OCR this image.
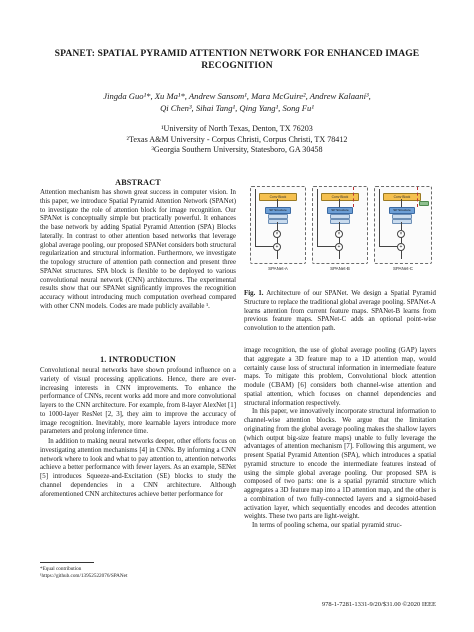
SPANET: SPATIAL PYRAMID ATTENTION NETWORK FOR ENHANCED IMAGE RECOGNITION
Jingda Guo¹*, Xu Ma¹*, Andrew Sansom¹, Mara McGuire², Andrew Kalaani³,
Qi Chen³, Sihai Tang¹, Qing Yang¹, Song Fu¹
¹University of North Texas, Denton, TX 76203
²Texas A&M University - Corpus Christi, Corpus Christi, TX 78412
³Georgia Southern University, Statesboro, GA 30458
ABSTRACT

Attention mechanism has shown great success in computer vision. In this paper, we introduce Spatial Pyramid Attention Network (SPANet) to investigate the role of attention block for image recognition. Our SPANet is conceptually simple but practically powerful. It enhances the base network by adding Spatial Pyramid Attention (SPA) Blocks laterally. In contrast to other attention based networks that leverage global average pooling, our proposed SPANet considers both structural regularization and structural information. Furthermore, we investigate the topology structure of attention path connection and present three SPANet structures. SPA block is flexible to be deployed to various convolutional neural network (CNN) architectures. The experimental results show that our SPANet significantly improves the recognition accuracy without introducing much computation overhead compared with other CNN models. Codes are made publicly available ¹.

1. INTRODUCTION

Convolutional neural networks have shown profound influence on a variety of visual processing applications. Hence, there are ever-increasing interests in CNN improvements. To enhance the performance of CNNs, recent works add more and more convolutional layers to the CNN architecture. For example, from 8-layer AlexNet [1] to 1000-layer ResNet [2, 3], they aim to improve the accuracy of image recognition. Inevitably, more learnable layers introduce more parameters and prolong inference time.

In addition to making neural networks deeper, other efforts focus on investigating attention mechanisms [4] in CNNs. By informing a CNN network where to look and what to pay attention to, attention networks achieve a better performance with fewer layers. As an example, SENet [5] introduces Squeeze-and-Excitation (SE) blocks to study the channel dependencies in a CNN architecture. Although aforementioned CNN architectures achieve better performance for

*Equal contribution
¹https://github.com/13952522076/SPANet
Conv Block
SP Structure
×
+
SPANet-A
Conv Block
SP Structure
×
+
SPANet-B
Conv Block
SP Structure
×
+
SPANet-C
Fig. 1. Architecture of our SPANet. We design a Spatial Pyramid Structure to replace the traditional global average pooling. SPANet-A learns attention from current feature maps. SPANet-B learns from previous feature maps. SPANet-C adds an optional point-wise convolution to the attention path.

image recognition, the use of global average pooling (GAP) layers that aggregate a 3D feature map to a 1D attention map, would certainly cause loss of structural information in intermediate feature maps. To mitigate this problem, Convolutional block attention module (CBAM) [6] considers both channel-wise attention and spatial attention, which focuses on channel dependencies and structural information respectively.

In this paper, we innovatively incorporate structural information to channel-wise attention blocks. We argue that the limitation originating from the global average pooling makes the shallow layers (which output big-size feature maps) unable to fully leverage the advantages of attention mechanism [7]. Following this argument, we present Spatial Pyramid Attention (SPA), which introduces a spatial pyramid structure to encode the intermediate features instead of using the simple global average pooling. Our proposed SPA is composed of two parts: one is a spatial pyramid structure which aggregates a 3D feature map into a 1D attention map, and the other is a combination of two fully-connected layers and a sigmoid-based activation layer, which sequentially encodes and decodes attention weights. These two parts are light-weight.

In terms of pooling schema, our spatial pyramid struc-

978-1-7281-1331-9/20/$31.00 ©2020 IEEE
